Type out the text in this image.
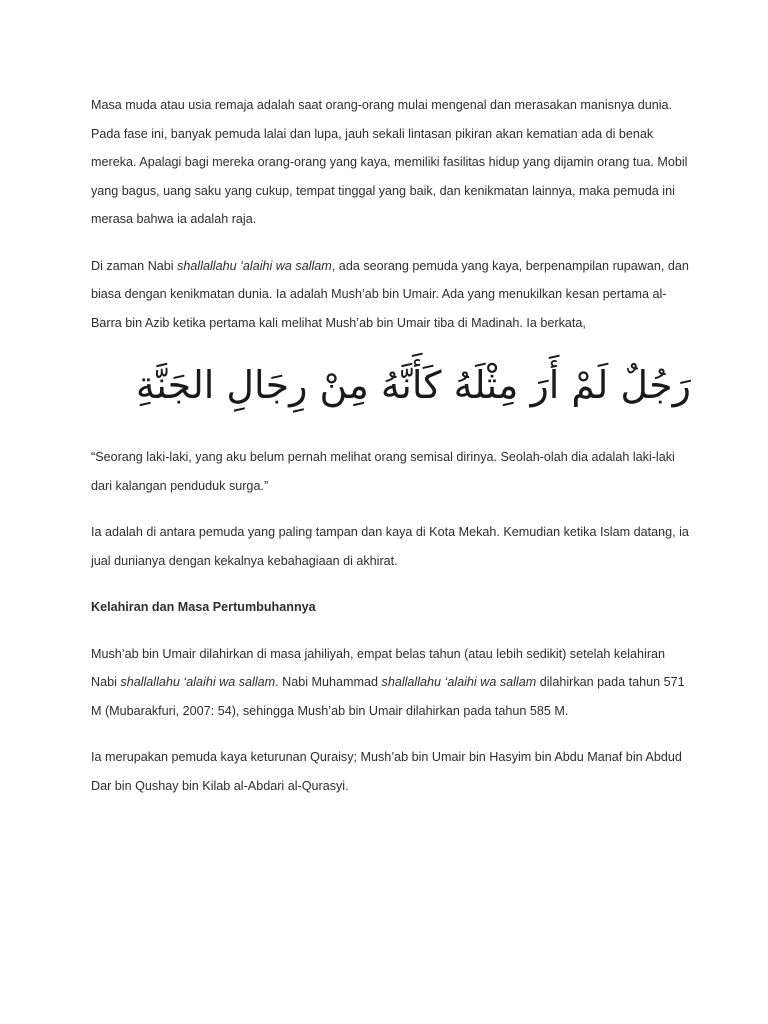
Masa muda atau usia remaja adalah saat orang-orang mulai mengenal dan merasakan manisnya dunia. Pada fase ini, banyak pemuda lalai dan lupa, jauh sekali lintasan pikiran akan kematian ada di benak mereka. Apalagi bagi mereka orang-orang yang kaya, memiliki fasilitas hidup yang dijamin orang tua. Mobil yang bagus, uang saku yang cukup, tempat tinggal yang baik, dan kenikmatan lainnya, maka pemuda ini merasa bahwa ia adalah raja.

Di zaman Nabi shallallahu ‘alaihi wa sallam, ada seorang pemuda yang kaya, berpenampilan rupawan, dan biasa dengan kenikmatan dunia. Ia adalah Mush’ab bin Umair. Ada yang menukilkan kesan pertama al-Barra bin Azib ketika pertama kali melihat Mush’ab bin Umair tiba di Madinah. Ia berkata,

رَجُلٌ لَمْ أَرَ مِثْلَهُ كَأَنَّهُ مِنْ رِجَالِ الجَنَّةِ

“Seorang laki-laki, yang aku belum pernah melihat orang semisal dirinya. Seolah-olah dia adalah laki-laki dari kalangan penduduk surga.”

Ia adalah di antara pemuda yang paling tampan dan kaya di Kota Mekah. Kemudian ketika Islam datang, ia jual dunianya dengan kekalnya kebahagiaan di akhirat.

Kelahiran dan Masa Pertumbuhannya

Mush’ab bin Umair dilahirkan di masa jahiliyah, empat belas tahun (atau lebih sedikit) setelah kelahiran Nabi shallallahu ‘alaihi wa sallam. Nabi Muhammad shallallahu ‘alaihi wa sallam dilahirkan pada tahun 571 M (Mubarakfuri, 2007: 54), sehingga Mush’ab bin Umair dilahirkan pada tahun 585 M.

Ia merupakan pemuda kaya keturunan Quraisy; Mush’ab bin Umair bin Hasyim bin Abdu Manaf bin Abdud Dar bin Qushay bin Kilab al-Abdari al-Qurasyi.
